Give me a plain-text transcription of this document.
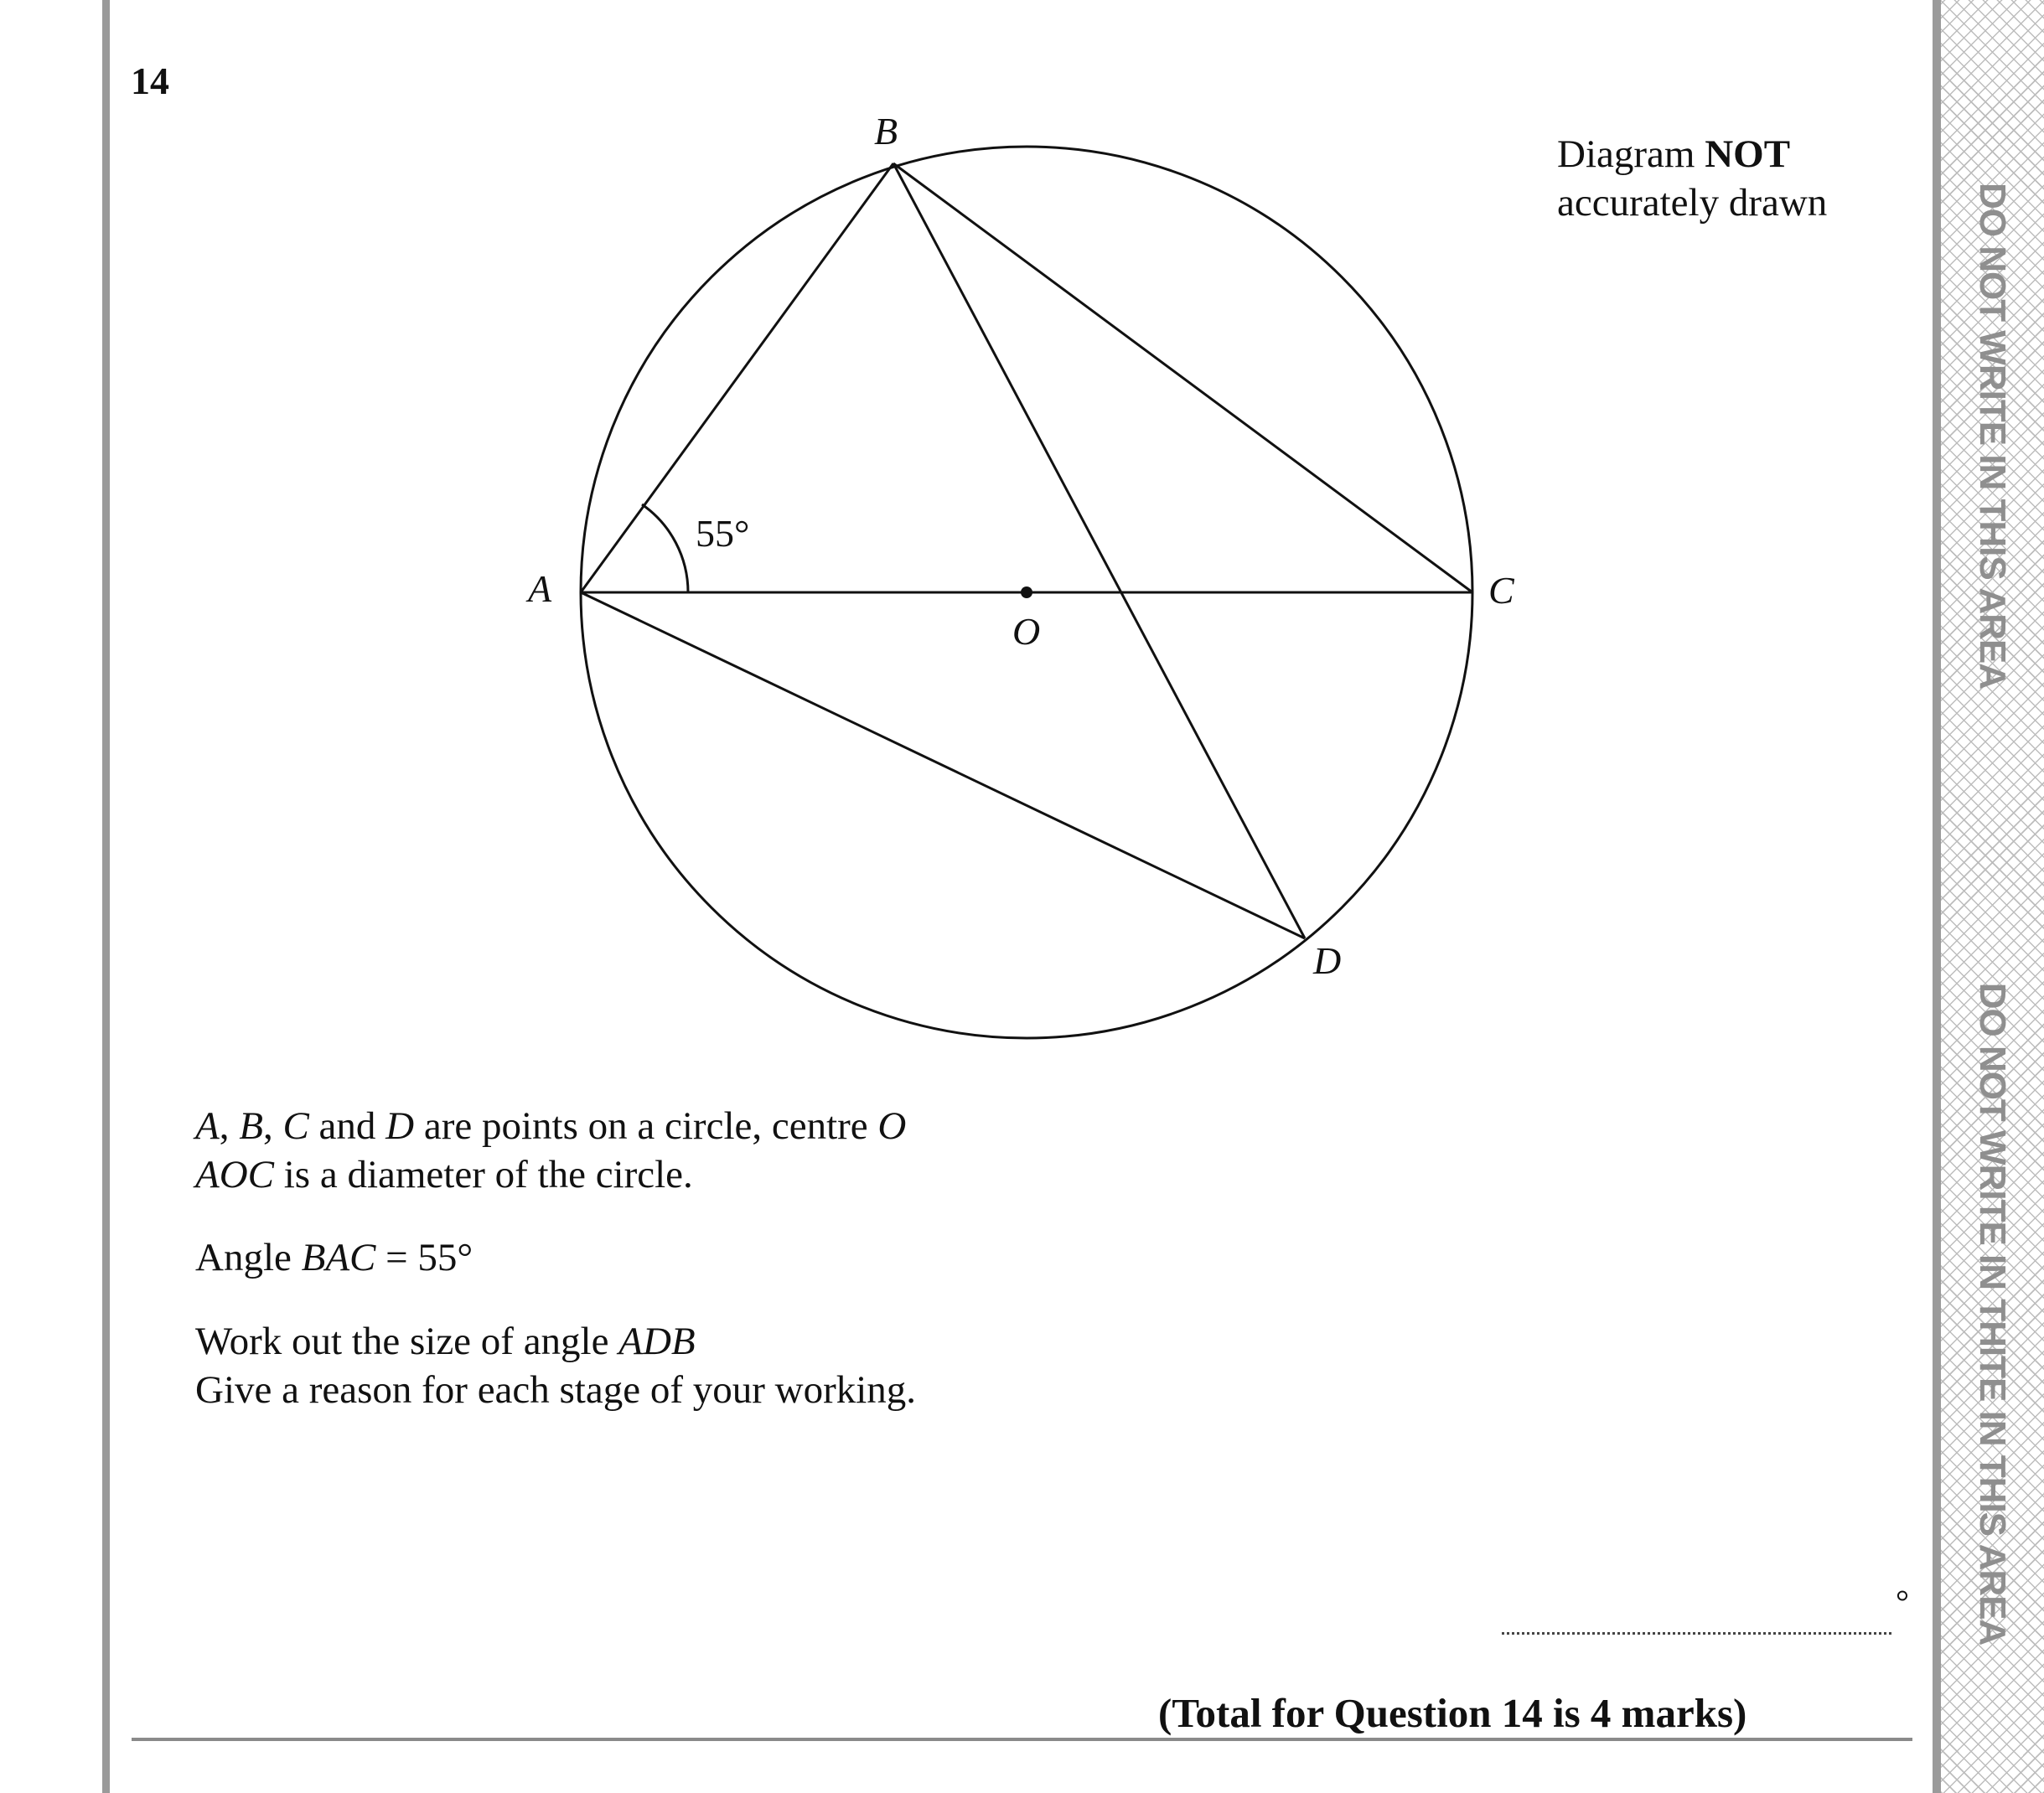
DO NOT WRITE IN THIS AREA
DO NOT WRITE IN THITE IN THIS AREA
14
Diagram NOT
accurately drawn
B
A	C
D
O
55°
A, B, C and D are points on a circle, centre O
AOC is a diameter of the circle.
Angle BAC = 55°
Work out the size of angle ADB
Give a reason for each stage of your working.
°
(Total for Question 14 is 4 marks)
